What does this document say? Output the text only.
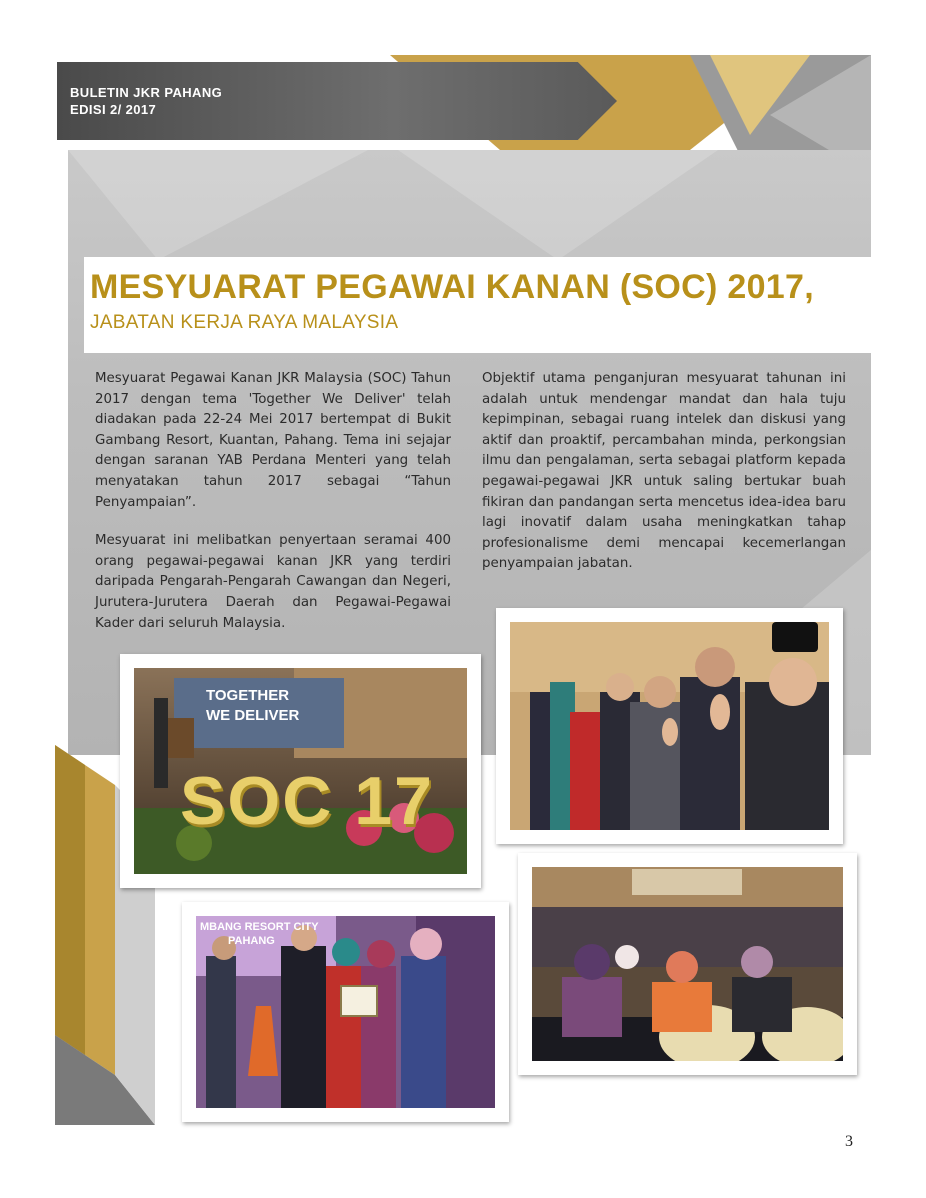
BULETIN JKR PAHANG
EDISI 2/ 2017
MESYUARAT PEGAWAI KANAN (SOC) 2017,
JABATAN KERJA RAYA MALAYSIA

Mesyuarat Pegawai Kanan JKR Malaysia (SOC) Tahun 2017 dengan tema 'Together We Deliver' telah diadakan pada 22-24 Mei 2017 bertempat di Bukit Gambang Resort, Kuantan, Pahang. Tema ini sejajar dengan saranan YAB Perdana Menteri yang telah menyatakan tahun 2017 sebagai “Tahun Penyampaian”.

Mesyuarat ini melibatkan penyertaan seramai 400 orang pegawai-pegawai kanan JKR yang terdiri daripada Pengarah-Pengarah Cawangan dan Negeri, Jurutera-Jurutera Daerah dan Pegawai-Pegawai Kader dari seluruh Malaysia.

Objektif utama penganjuran mesyuarat tahunan ini adalah untuk mendengar mandat dan hala tuju kepimpinan, sebagai ruang intelek dan diskusi yang aktif dan proaktif, percambahan minda, perkongsian ilmu dan pengalaman, serta sebagai platform kepada pegawai-pegawai JKR untuk saling bertukar buah fikiran dan pandangan serta mencetus idea-idea baru lagi inovatif dalam usaha meningkatkan tahap profesionalisme demi mencapai kecemerlangan penyampaian jabatan.

SOC 17
TOGETHER WE DELIVER
MBANG RESORT CITY
PAHANG
3
